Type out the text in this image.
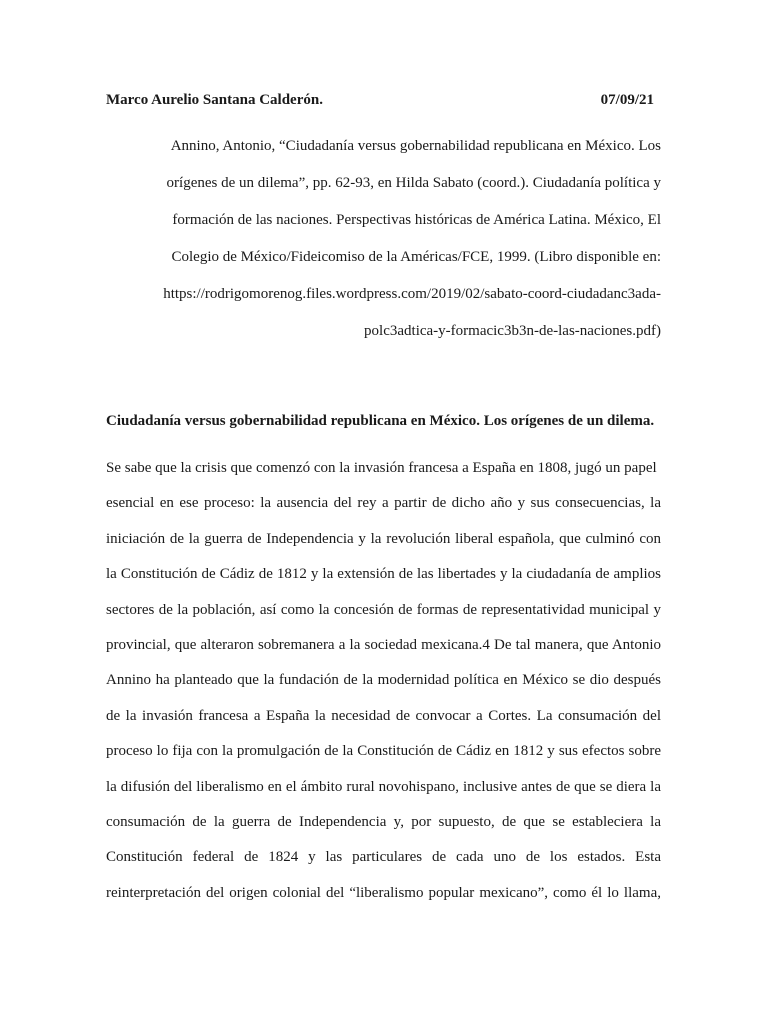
Marco Aurelio Santana Calderón.	07/09/21
Annino, Antonio, “Ciudadanía versus gobernabilidad republicana en México. Los
orígenes de un dilema”, pp. 62-93, en Hilda Sabato (coord.). Ciudadanía política y
formación de las naciones. Perspectivas históricas de América Latina. México, El
Colegio de México/Fideicomiso de la Américas/FCE, 1999. (Libro disponible en:
https://rodrigomorenog.files.wordpress.com/2019/02/sabato-coord-ciudadanc3ada-
polc3adtica-y-formacic3b3n-de-las-naciones.pdf)
Ciudadanía versus gobernabilidad republicana en México. Los orígenes de un dilema.
Se sabe que la crisis que comenzó con la invasión francesa a España en 1808, jugó un papel
esencial en ese proceso: la ausencia del rey a partir de dicho año y sus consecuencias, la
iniciación de la guerra de Independencia y la revolución liberal española, que culminó con
la Constitución de Cádiz de 1812 y la extensión de las libertades y la ciudadanía de amplios
sectores de la población, así como la concesión de formas de representatividad municipal y
provincial, que alteraron sobremanera a la sociedad mexicana.4 De tal manera, que Antonio
Annino ha planteado que la fundación de la modernidad política en México se dio después
de la invasión francesa a España la necesidad de convocar a Cortes. La consumación del
proceso lo fija con la promulgación de la Constitución de Cádiz en 1812 y sus efectos sobre
la difusión del liberalismo en el ámbito rural novohispano, inclusive antes de que se diera la
consumación de la guerra de Independencia y, por supuesto, de que se estableciera la
Constitución federal de 1824 y las particulares de cada uno de los estados. Esta
reinterpretación del origen colonial del “liberalismo popular mexicano”, como él lo llama,
